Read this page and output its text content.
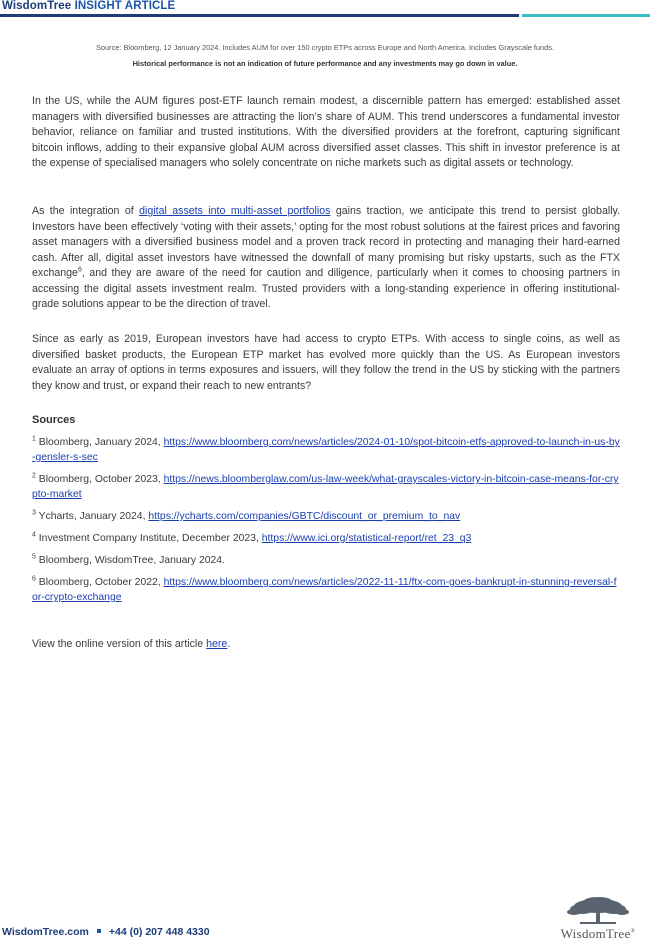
WisdomTree INSIGHT ARTICLE
Source: Bloomberg, 12 January 2024. Includes AUM for over 150 crypto ETPs across Europe and North America. Includes Grayscale funds.
Historical performance is not an indication of future performance and any investments may go down in value.

In the US, while the AUM figures post-ETF launch remain modest, a discernible pattern has emerged: established asset managers with diversified businesses are attracting the lion’s share of AUM. This trend underscores a fundamental investor behavior, reliance on familiar and trusted institutions. With the diversified providers at the forefront, capturing significant bitcoin inflows, adding to their expansive global AUM across diversified asset classes. This shift in investor preference is at the expense of specialised managers who solely concentrate on niche markets such as digital assets or technology.

As the integration of digital assets into multi-asset portfolios gains traction, we anticipate this trend to persist globally. Investors have been effectively ‘voting with their assets,’ opting for the most robust solutions at the fairest prices and favoring asset managers with a diversified business model and a proven track record in protecting and managing their hard-earned cash. After all, digital asset investors have witnessed the downfall of many promising but risky upstarts, such as the FTX exchange$^6$, and they are aware of the need for caution and diligence, particularly when it comes to choosing partners in accessing the digital assets investment realm. Trusted providers with a long-standing experience in offering institutional-grade solutions appear to be the direction of travel.

Since as early as 2019, European investors have had access to crypto ETPs. With access to single coins, as well as diversified basket products, the European ETP market has evolved more quickly than the US. As European investors evaluate an array of options in terms exposures and issuers, will they follow the trend in the US by sticking with the partners they know and trust, or expand their reach to new entrants?

Sources

$^1$ Bloomberg, January 2024, https://www.bloomberg.com/news/articles/2024-01-10/spot-bitcoin-etfs-approved-to-launch-in-us-by-gensler-s-sec

$^2$ Bloomberg, October 2023, https://news.bloomberglaw.com/us-law-week/what-grayscales-victory-in-bitcoin-case-means-for-crypto-market

$^3$ Ycharts, January 2024, https://ycharts.com/companies/GBTC/discount_or_premium_to_nav

$^4$ Investment Company Institute, December 2023, https://www.ici.org/statistical-report/ret_23_q3

$^5$ Bloomberg, WisdomTree, January 2024.

$^6$ Bloomberg, October 2022, https://www.bloomberg.com/news/articles/2022-11-11/ftx-com-goes-bankrupt-in-stunning-reversal-for-crypto-exchange

View the online version of this article here.
WisdomTree.com +44 (0) 207 448 4330	WisdomTree®
